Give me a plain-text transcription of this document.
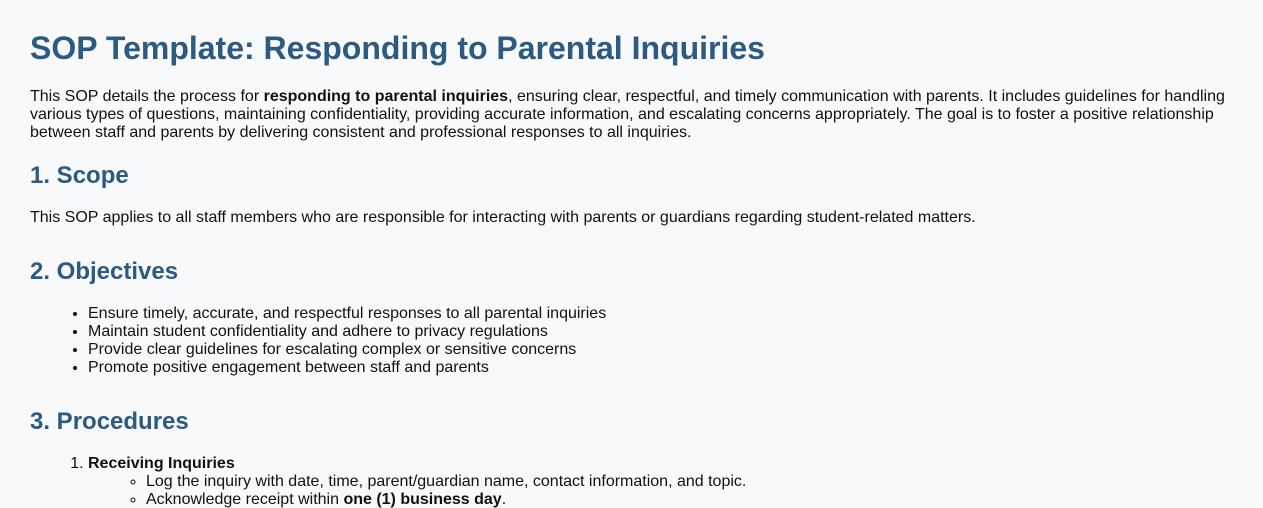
SOP Template: Responding to Parental Inquiries

This SOP details the process for responding to parental inquiries, ensuring clear, respectful, and timely communication with parents. It includes guidelines for handling various types of questions, maintaining confidentiality, providing accurate information, and escalating concerns appropriately. The goal is to foster a positive relationship between staff and parents by delivering consistent and professional responses to all inquiries.

1. Scope

This SOP applies to all staff members who are responsible for interacting with parents or guardians regarding student-related matters.

2. Objectives
• Ensure timely, accurate, and respectful responses to all parental inquiries
• Maintain student confidentiality and adhere to privacy regulations
• Provide clear guidelines for escalating complex or sensitive concerns
• Promote positive engagement between staff and parents
3. Procedures
1. Receiving Inquiries
◦ Log the inquiry with date, time, parent/guardian name, contact information, and topic.
◦ Acknowledge receipt within one (1) business day.
